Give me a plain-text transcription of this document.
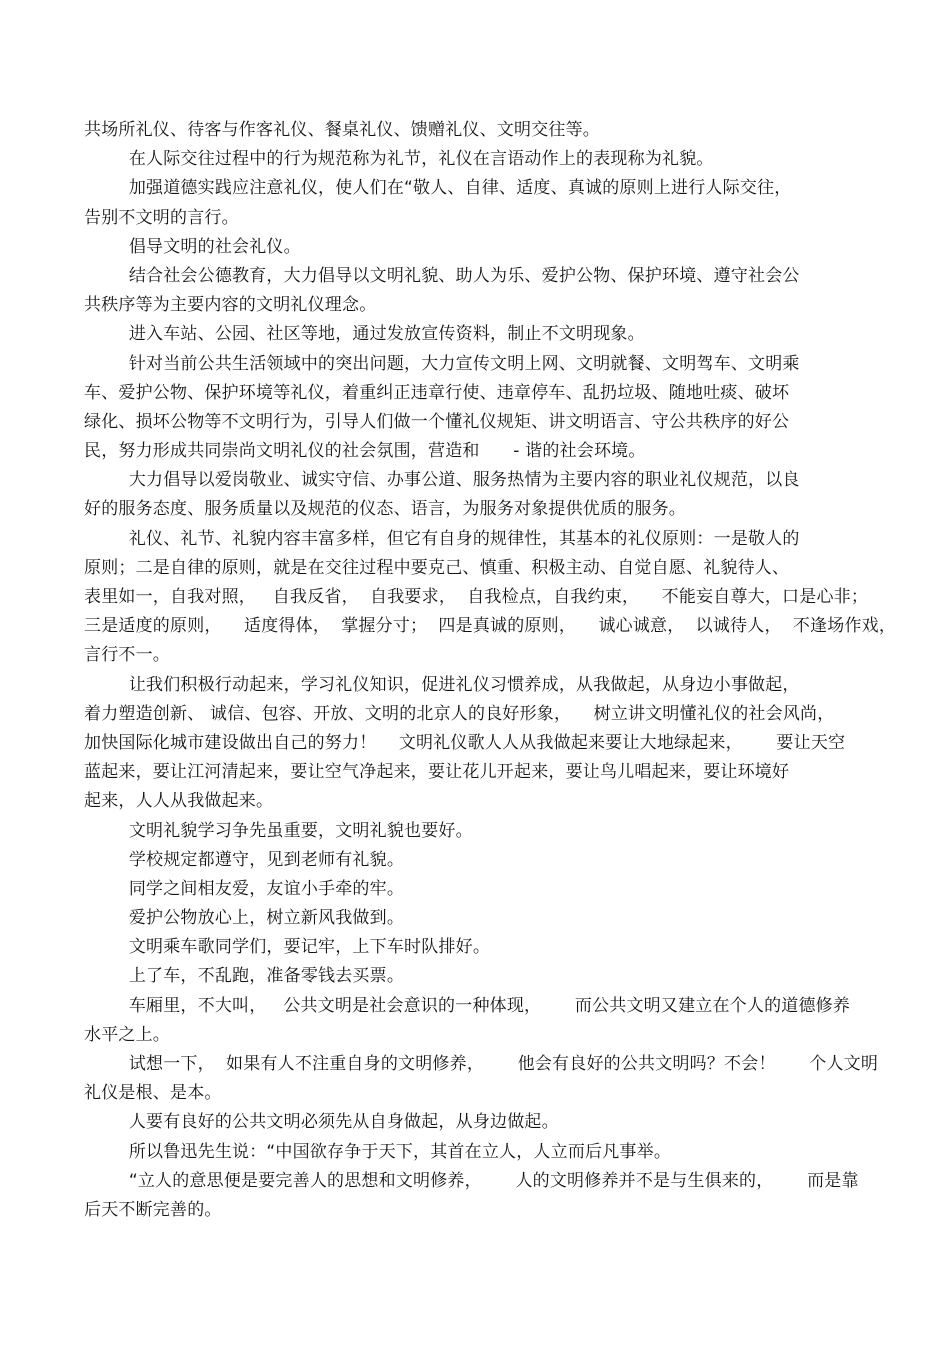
共场所礼仪、待客与作客礼仪、餐桌礼仪、馈赠礼仪、文明交往等。
在人际交往过程中的行为规范称为礼节，礼仪在言语动作上的表现称为礼貌。
加强道德实践应注意礼仪，使人们在“敬人、自律、适度、真诚的原则上进行人际交往，
告别不文明的言行。
倡导文明的社会礼仪。
结合社会公德教育，大力倡导以文明礼貌、助人为乐、爱护公物、保护环境、遵守社会公
共秩序等为主要内容的文明礼仪理念。
进入车站、公园、社区等地，通过发放宣传资料，制止不文明现象。
针对当前公共生活领域中的突出问题，大力宣传文明上网、文明就餐、文明驾车、文明乘
车、爱护公物、保护环境等礼仪，着重纠正违章行使、违章停车、乱扔垃圾、随地吐痰、破坏
绿化、损坏公物等不文明行为，引导人们做一个懂礼仪规矩、讲文明语言、守公共秩序的好公
民，努力形成共同崇尚文明礼仪的社会氛围，营造和      - 谐的社会环境。
大力倡导以爱岗敬业、诚实守信、办事公道、服务热情为主要内容的职业礼仪规范，以良
好的服务态度、服务质量以及规范的仪态、语言，为服务对象提供优质的服务。
礼仪、礼节、礼貌内容丰富多样，但它有自身的规律性，其基本的礼仪原则：一是敬人的
原则；二是自律的原则，就是在交往过程中要克己、慎重、积极主动、自觉自愿、礼貌待人、
表里如一，自我对照，   自我反省，  自我要求，  自我检点，自我约束，    不能妄自尊大，口是心非；
三是适度的原则，    适度得体，  掌握分寸；  四是真诚的原则，    诚心诚意，  以诚待人，  不逢场作戏，
言行不一。
让我们积极行动起来，学习礼仪知识，促进礼仪习惯养成，从我做起，从身边小事做起，
着力塑造创新、 诚信、包容、开放、文明的北京人的良好形象，    树立讲文明懂礼仪的社会风尚，
加快国际化城市建设做出自己的努力！    文明礼仪歌人人从我做起来要让大地绿起来，      要让天空
蓝起来，要让江河清起来，要让空气净起来，要让花儿开起来，要让鸟儿唱起来，要让环境好
起来，人人从我做起来。
文明礼貌学习争先虽重要，文明礼貌也要好。
学校规定都遵守，见到老师有礼貌。
同学之间相友爱，友谊小手牵的牢。
爱护公物放心上，树立新风我做到。
文明乘车歌同学们，要记牢，上下车时队排好。
上了车，不乱跑，准备零钱去买票。
车厢里，不大叫，   公共文明是社会意识的一种体现，      而公共文明又建立在个人的道德修养
水平之上。
试想一下，  如果有人不注重自身的文明修养，      他会有良好的公共文明吗？不会！      个人文明
礼仪是根、是本。
人要有良好的公共文明必须先从自身做起，从身边做起。
所以鲁迅先生说：“中国欲存争于天下，其首在立人，人立而后凡事举。
“立人的意思便是要完善人的思想和文明修养，      人的文明修养并不是与生俱来的，      而是靠
后天不断完善的。
